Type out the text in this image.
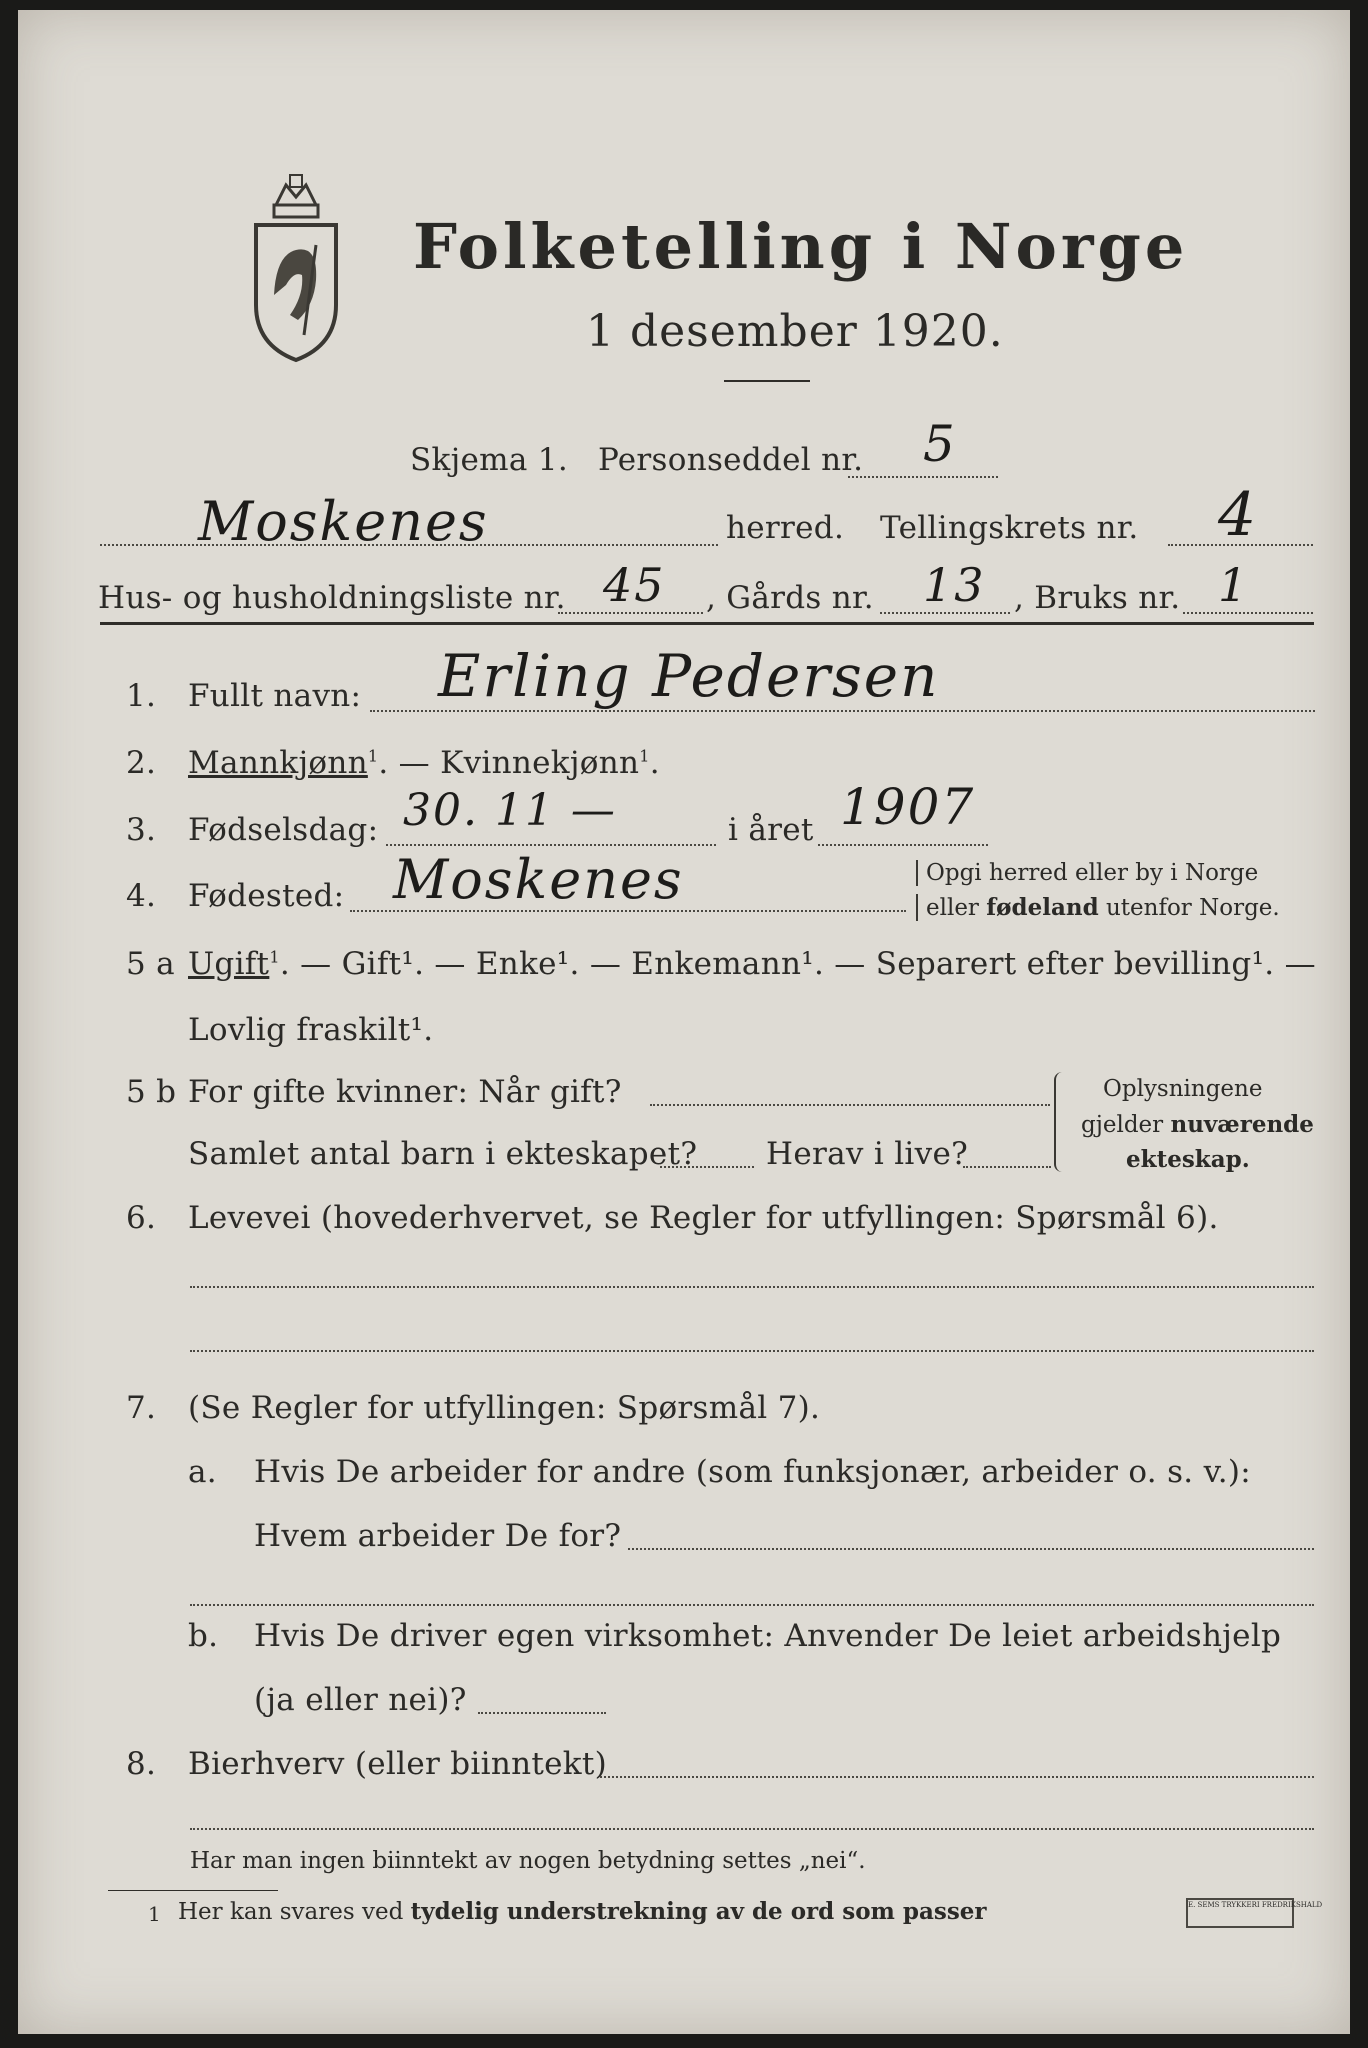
Folketelling i Norge
1 desember 1920.
Skjema 1. Personseddel nr. 5
Moskenes	herred. Tellingskrets nr. 4
Hus- og husholdningsliste nr. 45 , Gårds nr. 13 , Bruks nr. 1
1. Fullt navn: Erling Pedersen
2. Mannkjønn$^1$. — Kvinnekjønn$^1$.
3. Fødselsdag: 30. 11 —	i året 1907
4. Fødested: Moskenes	Opgi herred eller by i Norge
eller fødeland utenfor Norge.
5 a Ugift$^1$. — Gift¹. — Enke¹. — Enkemann¹. — Separert efter bevilling¹. —
Lovlig fraskilt¹.
5 b For gifte kvinner: Når gift?
Samlet antal barn i ekteskapet? Herav i live?
Oplysningene
gjelder nuværende
ekteskap.
6. Levevei (hovederhvervet, se Regler for utfyllingen: Spørsmål 6).
7. (Se Regler for utfyllingen: Spørsmål 7).
a. Hvis De arbeider for andre (som funksjonær, arbeider o. s. v.):
Hvem arbeider De for?
b. Hvis De driver egen virksomhet: Anvender De leiet arbeidshjelp
(ja eller nei)?
8. Bierhverv (eller biinntekt)
Har man ingen biinntekt av nogen betydning settes „nei“.
1 Her kan svares ved tydelig understrekning av de ord som passer	E. SEMS TRYKKERI FREDRIKSHALD
